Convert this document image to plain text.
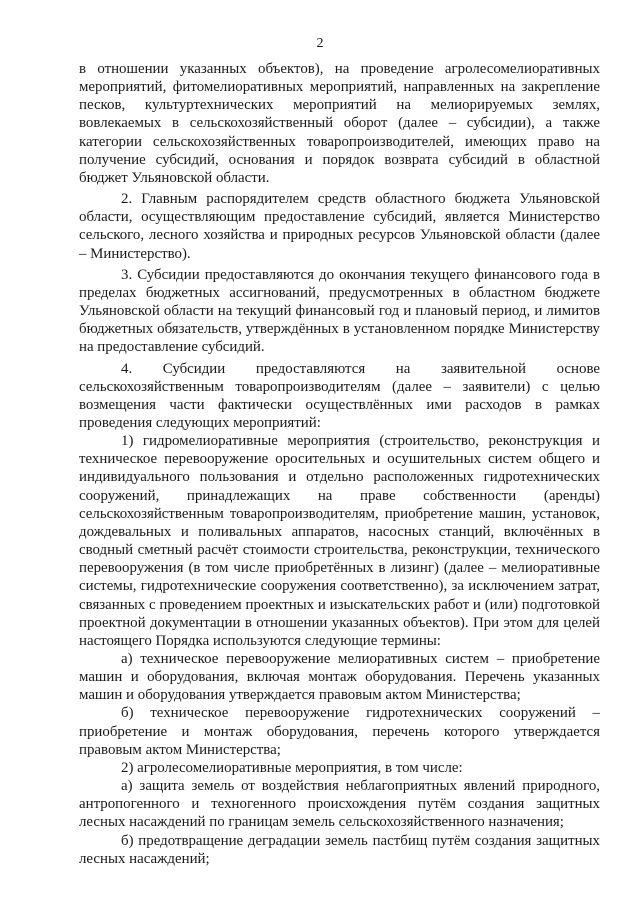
2

в отношении указанных объектов), на проведение агролесомелиоративных мероприятий, фитомелиоративных мероприятий, направленных на закрепление песков, культуртехнических мероприятий на мелиорируемых землях, вовлекаемых в сельскохозяйственный оборот (далее – субсидии), а также категории сельскохозяйственных товаропроизводителей, имеющих право на получение субсидий, основания и порядок возврата субсидий в областной бюджет Ульяновской области.

2. Главным распорядителем средств областного бюджета Ульяновской области, осуществляющим предоставление субсидий, является Министерство сельского, лесного хозяйства и природных ресурсов Ульяновской области (далее – Министерство).

3. Субсидии предоставляются до окончания текущего финансового года в пределах бюджетных ассигнований, предусмотренных в областном бюджете Ульяновской области на текущий финансовый год и плановый период, и лимитов бюджетных обязательств, утверждённых в установленном порядке Министерству на предоставление субсидий.

4. Субсидии предоставляются на заявительной основе сельскохозяйственным товаропроизводителям (далее – заявители) с целью возмещения части фактически осуществлённых ими расходов в рамках проведения следующих мероприятий:

1) гидромелиоративные мероприятия (строительство, реконструкция и техническое перевооружение оросительных и осушительных систем общего и индивидуального пользования и отдельно расположенных гидротехнических сооружений, принадлежащих на праве собственности (аренды) сельскохозяйственным товаропроизводителям, приобретение машин, установок, дождевальных и поливальных аппаратов, насосных станций, включённых в сводный сметный расчёт стоимости строительства, реконструкции, технического перевооружения (в том числе приобретённых в лизинг) (далее – мелиоративные системы, гидротехнические сооружения соответственно), за исключением затрат, связанных с проведением проектных и изыскательских работ и (или) подготовкой проектной документации в отношении указанных объектов). При этом для целей настоящего Порядка используются следующие термины:

а) техническое перевооружение мелиоративных систем – приобретение машин и оборудования, включая монтаж оборудования. Перечень указанных машин и оборудования утверждается правовым актом Министерства;

б) техническое перевооружение гидротехнических сооружений – приобретение и монтаж оборудования, перечень которого утверждается правовым актом Министерства;

2) агролесомелиоративные мероприятия, в том числе:

а) защита земель от воздействия неблагоприятных явлений природного, антропогенного и техногенного происхождения путём создания защитных лесных насаждений по границам земель сельскохозяйственного назначения;

б) предотвращение деградации земель пастбищ путём создания защитных лесных насаждений;
